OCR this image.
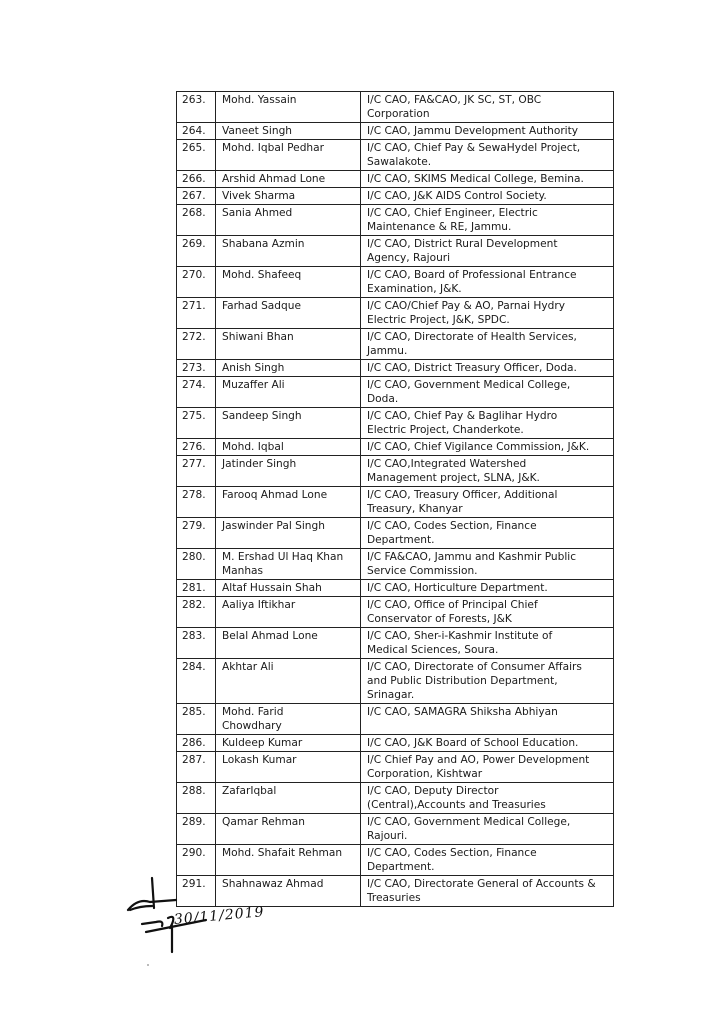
263.	Mohd. Yassain	I/C CAO, FA&CAO, JK SC, ST, OBC
Corporation
264.	Vaneet Singh	I/C CAO, Jammu Development Authority
265.	Mohd. Iqbal Pedhar	I/C CAO, Chief Pay & SewaHydel Project,
Sawalakote.
266.	Arshid Ahmad Lone	I/C CAO, SKIMS Medical College, Bemina.
267.	Vivek Sharma	I/C CAO, J&K AIDS Control Society.
268.	Sania Ahmed	I/C CAO, Chief Engineer, Electric
Maintenance & RE, Jammu.
269.	Shabana Azmin	I/C CAO, District Rural Development
Agency, Rajouri
270.	Mohd. Shafeeq	I/C CAO, Board of Professional Entrance
Examination, J&K.
271.	Farhad Sadque	I/C CAO/Chief Pay & AO, Parnai Hydry
Electric Project, J&K, SPDC.
272.	Shiwani Bhan	I/C CAO, Directorate of Health Services,
Jammu.
273.	Anish Singh	I/C CAO, District Treasury Officer, Doda.
274.	Muzaffer Ali	I/C CAO, Government Medical College,
Doda.
275.	Sandeep Singh	I/C CAO, Chief Pay & Baglihar Hydro
Electric Project, Chanderkote.
276.	Mohd. Iqbal	I/C CAO, Chief Vigilance Commission, J&K.
277.	Jatinder Singh	I/C CAO,Integrated Watershed
Management project, SLNA, J&K.
278.	Farooq Ahmad Lone	I/C CAO, Treasury Officer, Additional
Treasury, Khanyar
279.	Jaswinder Pal Singh	I/C CAO, Codes Section, Finance
Department.
280.	M. Ershad Ul Haq Khan
Manhas	I/C FA&CAO, Jammu and Kashmir Public
Service Commission.
281.	Altaf Hussain Shah	I/C CAO, Horticulture Department.
282.	Aaliya Iftikhar	I/C CAO, Office of Principal Chief
Conservator of Forests, J&K
283.	Belal Ahmad Lone	I/C CAO, Sher-i-Kashmir Institute of
Medical Sciences, Soura.
284.	Akhtar Ali	I/C CAO, Directorate of Consumer Affairs
and Public Distribution Department,
Srinagar.
285.	Mohd. Farid
Chowdhary	I/C CAO, SAMAGRA Shiksha Abhiyan
286.	Kuldeep Kumar	I/C CAO, J&K Board of School Education.
287.	Lokash Kumar	I/C Chief Pay and AO, Power Development
Corporation, Kishtwar
288.	ZafarIqbal	I/C CAO, Deputy Director
(Central),Accounts and Treasuries
289.	Qamar Rehman	I/C CAO, Government Medical College,
Rajouri.
290.	Mohd. Shafait Rehman	I/C CAO, Codes Section, Finance
Department.
291.	Shahnawaz Ahmad	I/C CAO, Directorate General of Accounts &
Treasuries
30/11/2019
